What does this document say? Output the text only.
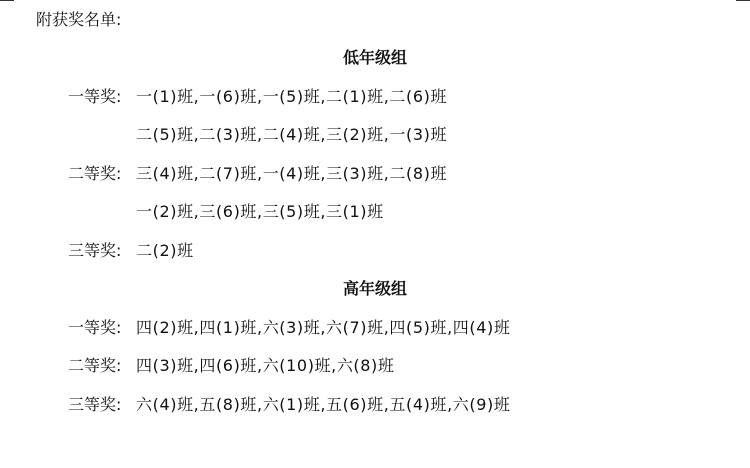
附获奖名单:
低年级组
一等奖: 一(1)班,一(6)班,一(5)班,二(1)班,二(6)班
二(5)班,二(3)班,二(4)班,三(2)班,一(3)班
二等奖: 三(4)班,二(7)班,一(4)班,三(3)班,二(8)班
一(2)班,三(6)班,三(5)班,三(1)班
三等奖: 二(2)班
高年级组
一等奖: 四(2)班,四(1)班,六(3)班,六(7)班,四(5)班,四(4)班
二等奖: 四(3)班,四(6)班,六(10)班,六(8)班
三等奖: 六(4)班,五(8)班,六(1)班,五(6)班,五(4)班,六(9)班
